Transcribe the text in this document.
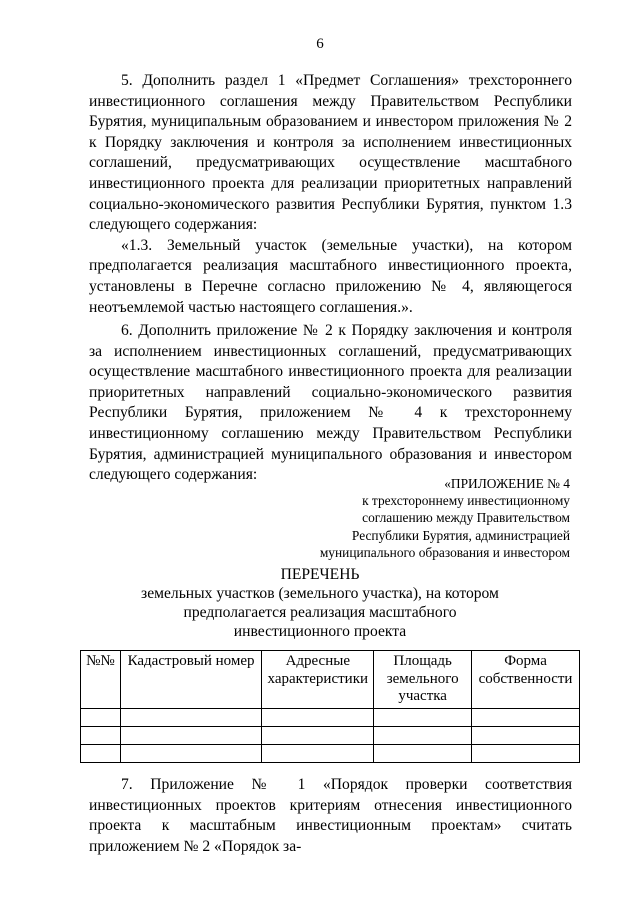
6

5. Дополнить раздел 1 «Предмет Соглашения» трехстороннего инвестиционного соглашения между Правительством Республики Бурятия, муниципальным образованием и инвестором приложения № 2 к Порядку заключения и контроля за исполнением инвестиционных соглашений, предусматривающих осуществление масштабного инвестиционного проекта для реализации приоритетных направлений социально-экономического развития Республики Бурятия, пунктом 1.3 следующего содержания:

«1.3. Земельный участок (земельные участки), на котором предполагается реализация масштабного инвестиционного проекта, установлены в Перечне согласно приложению № 4, являющегося неотъемлемой частью настоящего соглашения.».

6. Дополнить приложение № 2 к Порядку заключения и контроля за исполнением инвестиционных соглашений, предусматривающих осуществление масштабного инвестиционного проекта для реализации приоритетных направлений социально-экономического развития Республики Бурятия, приложением № 4 к трехстороннему инвестиционному соглашению между Правительством Республики Бурятия, администрацией муниципального образования и инвестором следующего содержания:

«ПРИЛОЖЕНИЕ № 4
к трехстороннему инвестиционному
соглашению между Правительством
Республики Бурятия, администрацией
муниципального образования и инвестором
ПЕРЕЧЕНЬ
земельных участков (земельного участка), на котором
предполагается реализация масштабного
инвестиционного проекта
№№	Кадастровый номер	Адресные характеристики	Площадь земельного участка	Форма собственности

7. Приложение № 1 «Порядок проверки соответствия инвестиционных проектов критериям отнесения инвестиционного проекта к масштабным инвестиционным проектам» считать приложением № 2 «Порядок за-
